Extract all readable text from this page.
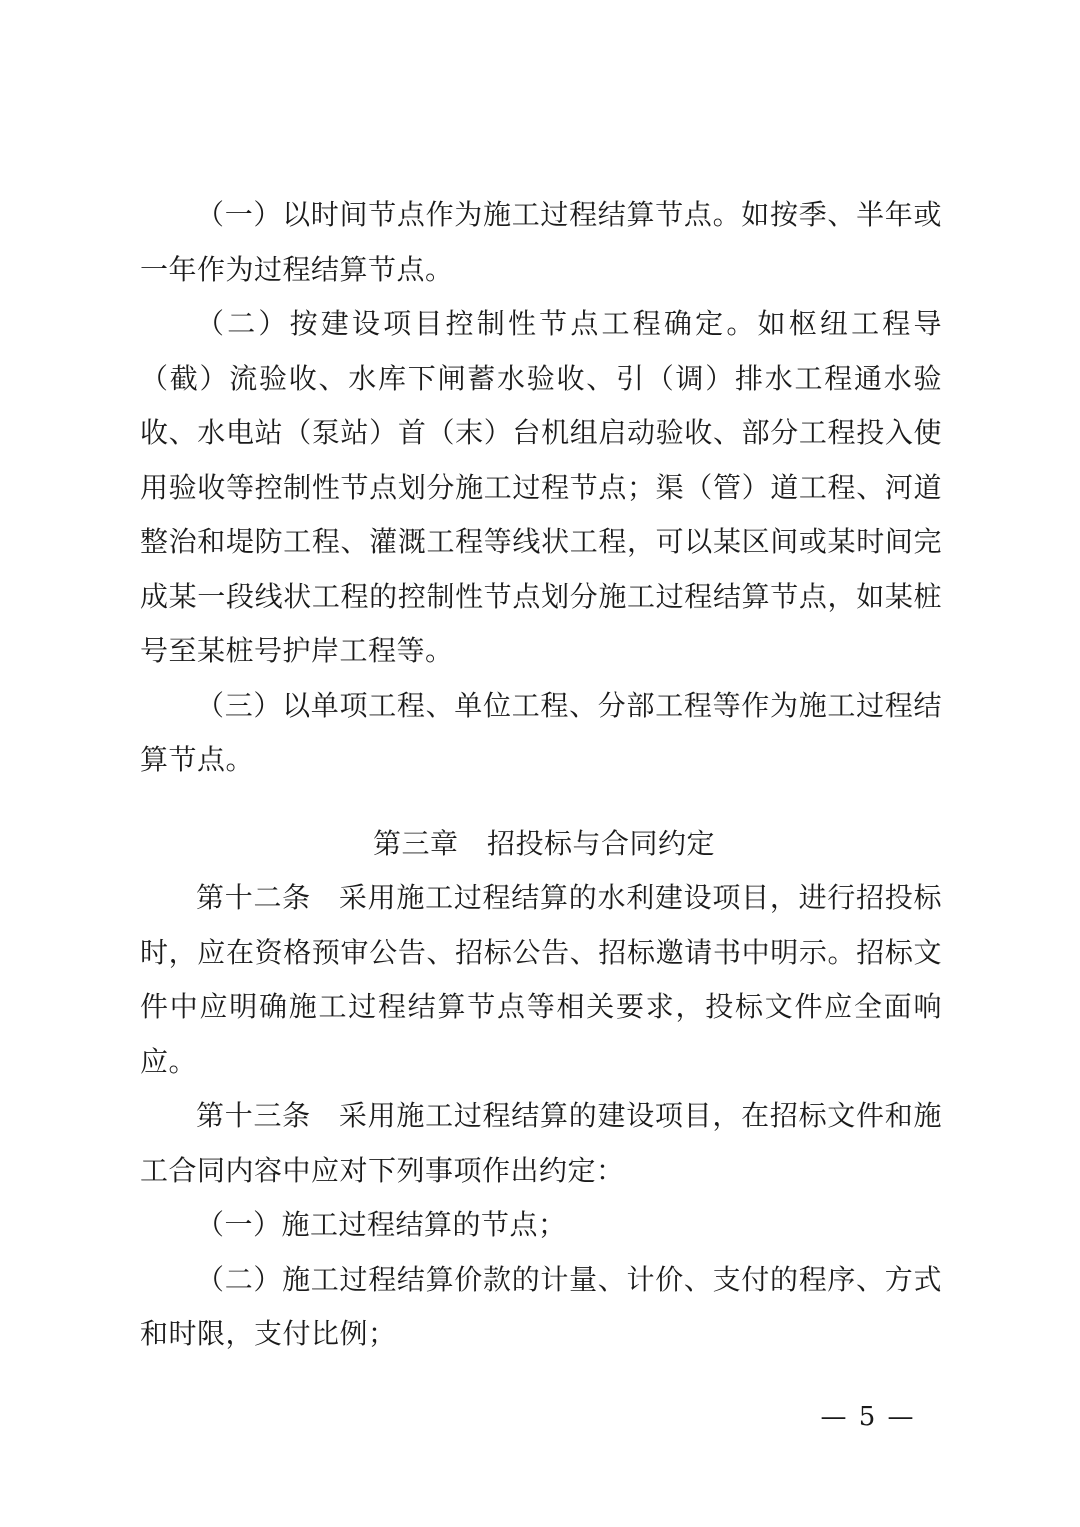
（一）以时间节点作为施工过程结算节点。如按季、半年或一年作为过程结算节点。

（二）按建设项目控制性节点工程确定。如枢纽工程导（截）流验收、水库下闸蓄水验收、引（调）排水工程通水验收、水电站（泵站）首（末）台机组启动验收、部分工程投入使用验收等控制性节点划分施工过程节点；渠（管）道工程、河道整治和堤防工程、灌溉工程等线状工程，可以某区间或某时间完成某一段线状工程的控制性节点划分施工过程结算节点，如某桩号至某桩号护岸工程等。

（三）以单项工程、单位工程、分部工程等作为施工过程结算节点。

第三章　招投标与合同约定

第十二条 采用施工过程结算的水利建设项目，进行招投标时，应在资格预审公告、招标公告、招标邀请书中明示。招标文件中应明确施工过程结算节点等相关要求，投标文件应全面响应。

第十三条 采用施工过程结算的建设项目，在招标文件和施工合同内容中应对下列事项作出约定：

（一）施工过程结算的节点；

（二）施工过程结算价款的计量、计价、支付的程序、方式和时限，支付比例；

— 5 —
